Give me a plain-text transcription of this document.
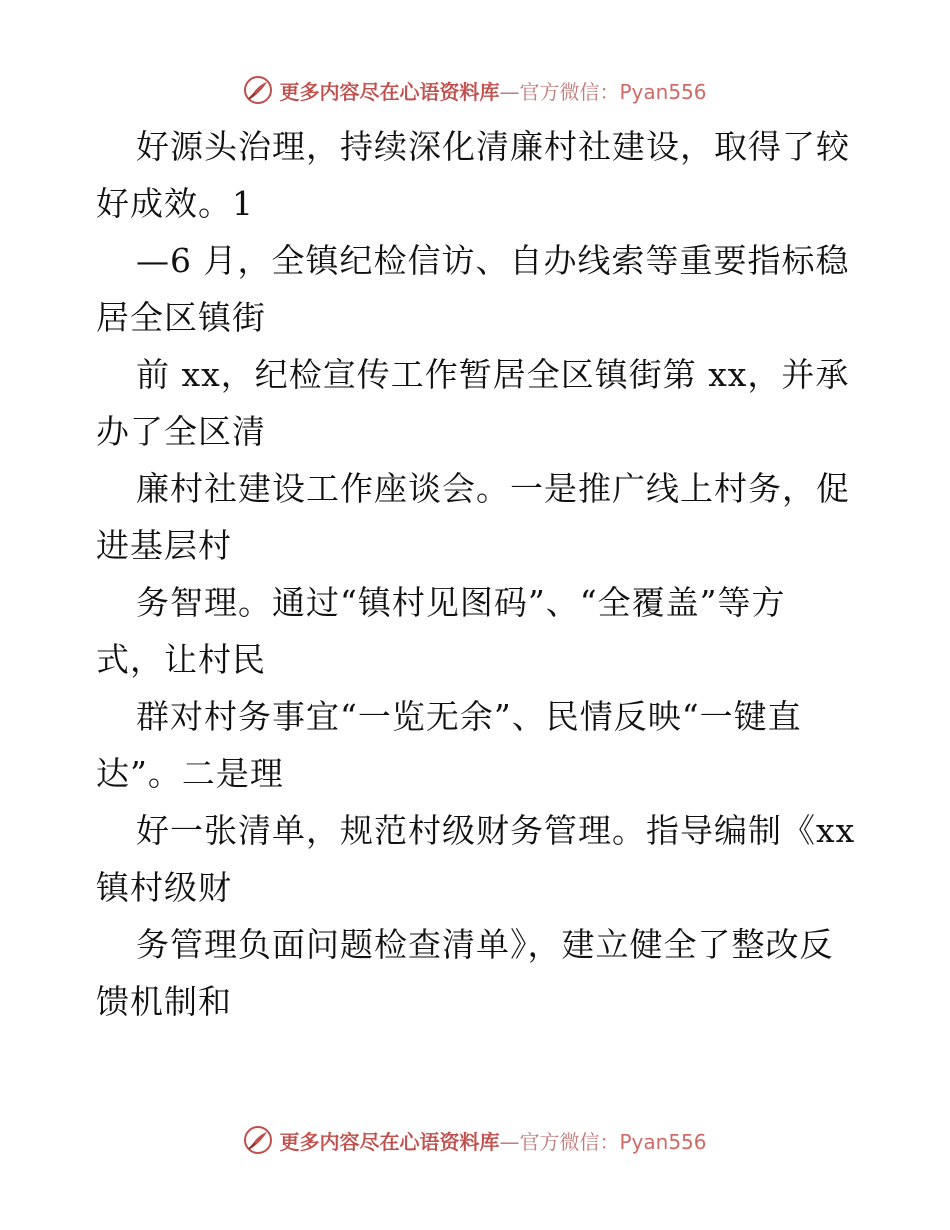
更多内容尽在心语资料库—官方微信：Pyan556
好源头治理，持续深化清廉村社建设，取得了较
好成效。1
—6 月，全镇纪检信访、自办线索等重要指标稳
居全区镇街
前 xx，纪检宣传工作暂居全区镇街第 xx，并承
办了全区清
廉村社建设工作座谈会。一是推广线上村务，促
进基层村
务智理。通过“镇村见图码”、“全覆盖”等方
式，让村民
群对村务事宜“一览无余”、民情反映“一键直
达”。二是理
好一张清单，规范村级财务管理。指导编制《xx
镇村级财
务管理负面问题检查清单》，建立健全了整改反
馈机制和
更多内容尽在心语资料库—官方微信：Pyan556
